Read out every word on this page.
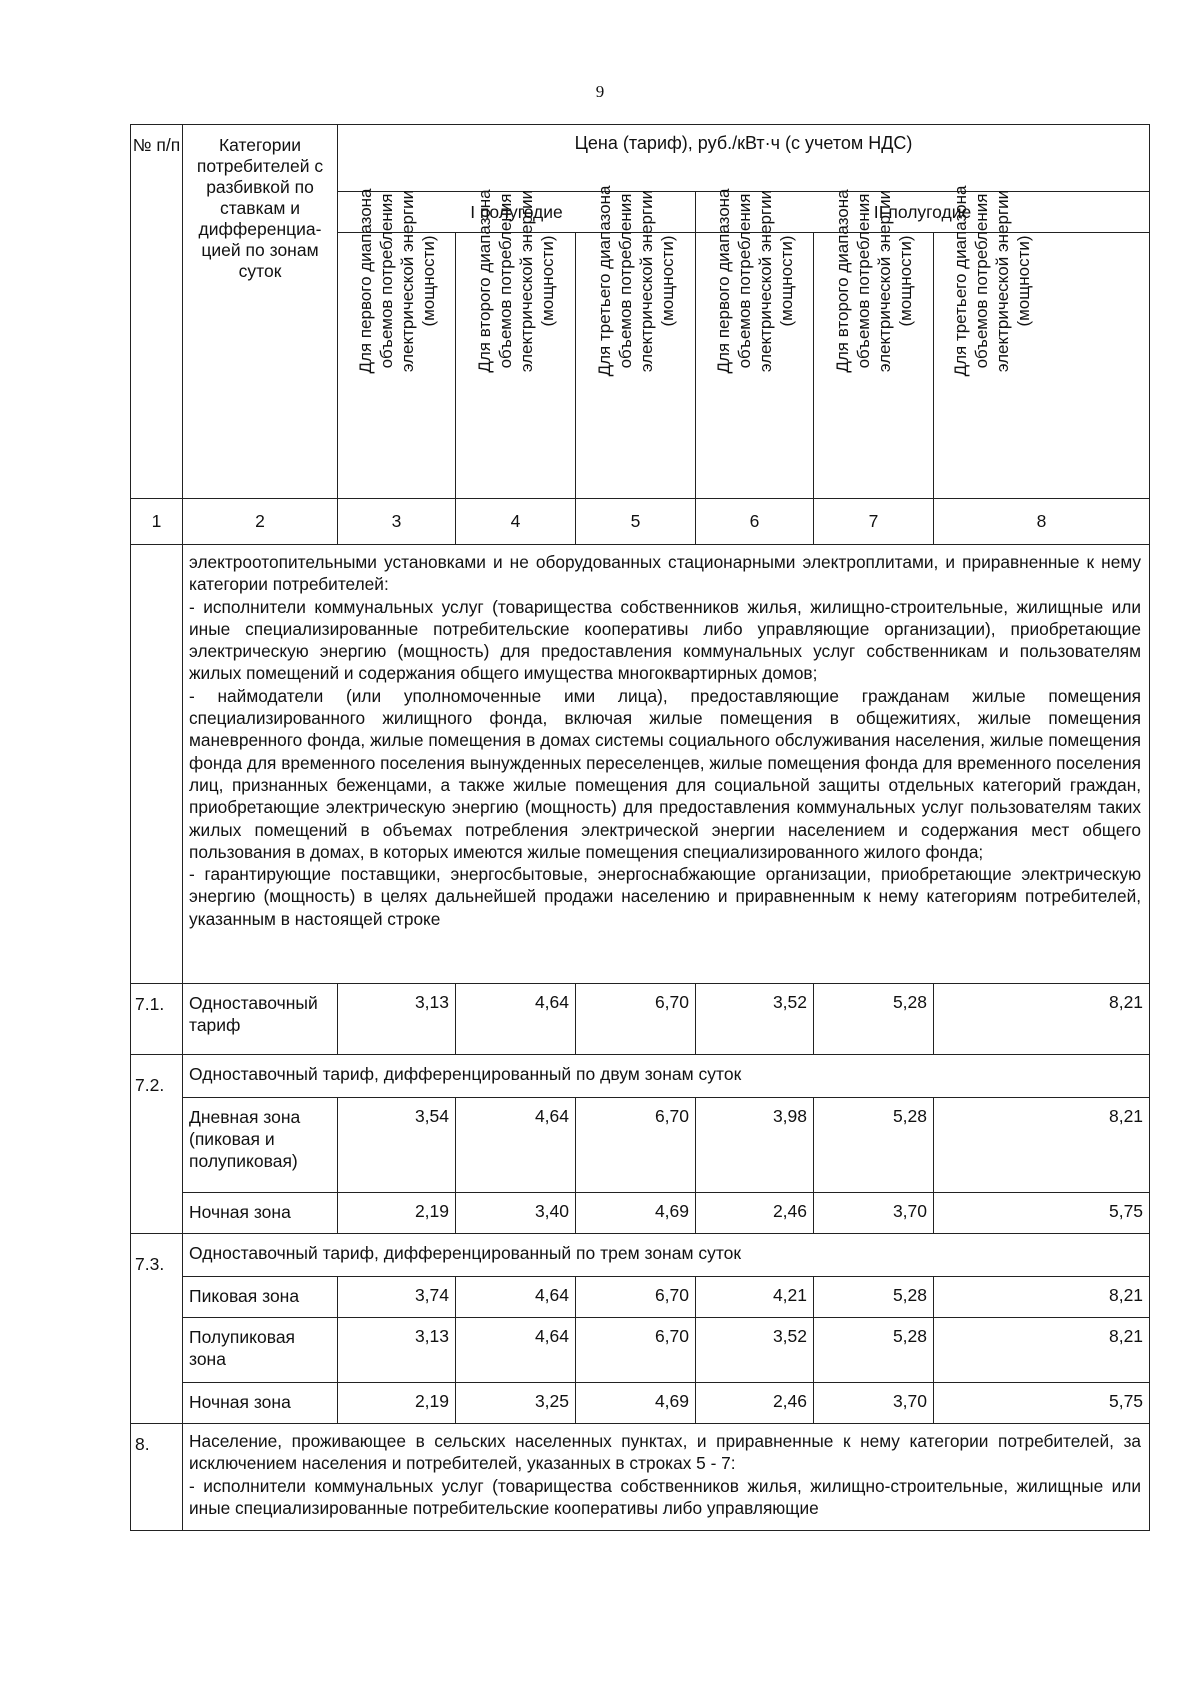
9
№ п/п	Категории потребителей с разбивкой по ставкам и дифференциа-цией по зонам суток	Цена (тариф), руб./кВт·ч (с учетом НДС)					
		I полугодие			II полугодие		

		Для первого диапазона объемов потребления электрической энергии (мощности)	Для второго диапазона объемов потребления электрической энергии (мощности)	Для третьего диапазона объемов потребления электрической энергии (мощности)	Для первого диапазона объемов потребления электрической энергии (мощности)	Для второго диапазона объемов потребления электрической энергии (мощности)	Для третьего диапазона объемов потребления электрической энергии (мощности)

1	2	3	4	5	6	7	8

	электроотопительными установками и не оборудованных стационарными электроплитами, и приравненные к нему категории потребителей:

- исполнители коммунальных услуг (товарищества собственников жилья, жилищно-строительные, жилищные или иные специализированные потребительские кооперативы либо управляющие организации), приобретающие электрическую энергию (мощность) для предоставления коммунальных услуг собственникам и пользователям жилых помещений и содержания общего имущества многоквартирных домов;

- наймодатели (или уполномоченные ими лица), предоставляющие гражданам жилые помещения специализированного жилищного фонда, включая жилые помещения в общежитиях, жилые помещения маневренного фонда, жилые помещения в домах системы социального обслуживания населения, жилые помещения фонда для временного поселения вынужденных переселенцев, жилые помещения фонда для временного поселения лиц, признанных беженцами, а также жилые помещения для социальной защиты отдельных категорий граждан, приобретающие электрическую энергию (мощность) для предоставления коммунальных услуг пользователям таких жилых помещений в объемах потребления электрической энергии населением и содержания мест общего пользования в домах, в которых имеются жилые помещения специализированного жилого фонда;

- гарантирующие поставщики, энергосбытовые, энергоснабжающие организации, приобретающие электрическую энергию (мощность) в целях дальнейшей продажи населению и приравненным к нему категориям потребителей, указанным в настоящей строке						

7.1.	Одноставочный тариф	3,13	4,64	6,70	3,52	5,28	8,21
7.2.	Одноставочный тариф, дифференцированный по двум зонам суток						
	Дневная зона (пиковая и полупиковая)	3,54	4,64	6,70	3,98	5,28	8,21
	Ночная зона	2,19	3,40	4,69	2,46	3,70	5,75
7.3.	Одноставочный тариф, дифференцированный по трем зонам суток						
	Пиковая зона	3,74	4,64	6,70	4,21	5,28	8,21
	Полупиковая зона	3,13	4,64	6,70	3,52	5,28	8,21
	Ночная зона	2,19	3,25	4,69	2,46	3,70	5,75
8.	Население, проживающее в сельских населенных пунктах, и приравненные к нему категории потребителей, за исключением населения и потребителей, указанных в строках 5 - 7:

- исполнители коммунальных услуг (товарищества собственников жилья, жилищно-строительные, жилищные или иные специализированные потребительские кооперативы либо управляющие						
